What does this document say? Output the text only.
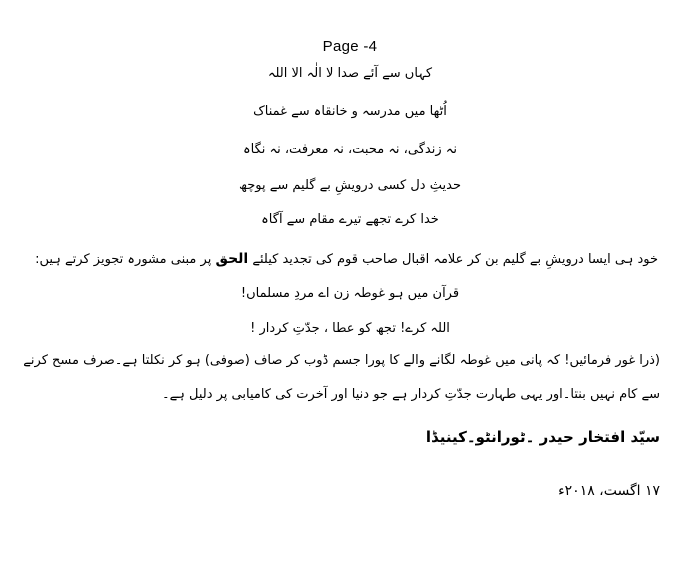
Page -4
کہاں سے آئے صدا لا الٰہ الا اللہ
اُٹھا میں مدرسہ و خانقاہ سے غمناک
نہ زندگی، نہ محبت، نہ معرفت، نہ نگاہ
حدیثِ دل کسی درویشِ بے گلیم سے پوچھ
خدا کرے تجھے تیرے مقام سے آگاہ
خود ہی ایسا درویشِ بے گلیم بن کر علامہ اقبال صاحب قوم کی تجدید کیلئے الحق پر مبنی مشورہ تجویز کرتے ہیں:
قرآن میں ہو غوطہ زن اے مردِ مسلماں!
اللہ کرے! تجھ کو عطا ، جدّتِ کردار !
(ذرا غور فرمائیں! کہ پانی میں غوطہ لگانے والے کا پورا جسم ڈوب کر صاف (صوفی) ہو کر نکلتا ہے۔صرف مسح کرنے
سے کام نہیں بنتا۔اور یہی طہارت جدّتِ کردار ہے جو دنیا اور آخرت کی کامیابی پر دلیل ہے۔
سیّد افتخار حیدر ۔ٹورانٹو۔کینیڈا
۱۷ اگست، ۲۰۱۸ء
